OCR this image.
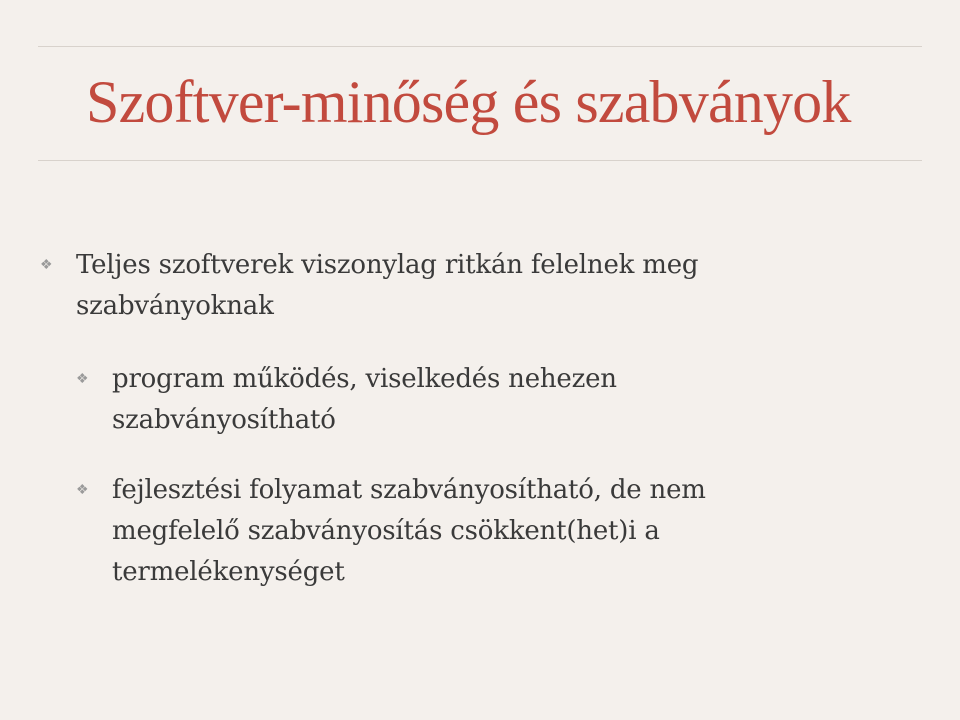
Szoftver-minőség és szabványok
❖ Teljes szoftverek viszonylag ritkán felelnek meg szabványoknak
❖ program működés, viselkedés nehezen szabványosítható
❖ fejlesztési folyamat szabványosítható, de nem megfelelő szabványosítás csökkent(het)i a termelékenységet
